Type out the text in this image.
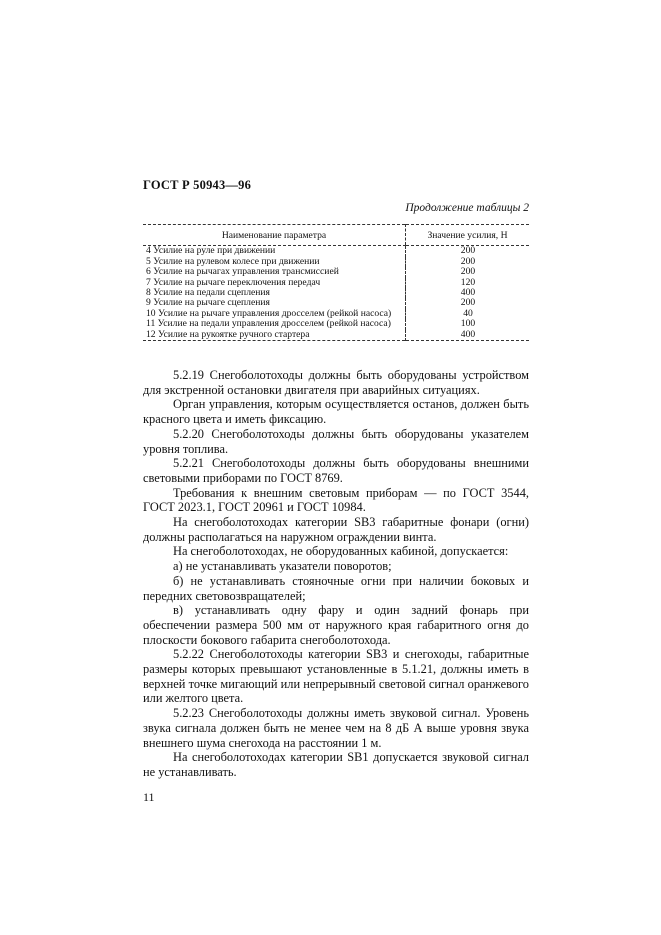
ГОСТ Р 50943—96
Продолжение таблицы 2
Наименование параметра	Значение усилия, Н
4 Усилие на руле при движении	200
5 Усилие на рулевом колесе при движении	200
6 Усилие на рычагах управления трансмиссией	200
7 Усилие на рычаге переключения передач	120
8 Усилие на педали сцепления	400
9 Усилие на рычаге сцепления	200
10 Усилие на рычаге управления дросселем (рейкой насоса)	40
11 Усилие на педали управления дросселем (рейкой насоса)	100
12 Усилие на рукоятке ручного стартера	400

5.2.19 Снегоболотоходы должны быть оборудованы устройством для экстренной остановки двигателя при аварийных ситуациях.

Орган управления, которым осуществляется останов, должен быть красного цвета и иметь фиксацию.

5.2.20 Снегоболотоходы должны быть оборудованы указателем уровня топлива.

5.2.21 Снегоболотоходы должны быть оборудованы внешними световыми приборами по ГОСТ 8769.

Требования к внешним световым приборам — по ГОСТ 3544, ГОСТ 2023.1, ГОСТ 20961 и ГОСТ 10984.

На снегоболотоходах категории SB3 габаритные фонари (огни) должны располагаться на наружном ограждении винта.

На снегоболотоходах, не оборудованных кабиной, допускается:

а) не устанавливать указатели поворотов;

б) не устанавливать стояночные огни при наличии боковых и передних световозвращателей;

в) устанавливать одну фару и один задний фонарь при обеспечении размера 500 мм от наружного края габаритного огня до плоскости бокового габарита снегоболотохода.

5.2.22 Снегоболотоходы категории SB3 и снегоходы, габаритные размеры которых превышают установленные в 5.1.21, должны иметь в верхней точке мигающий или непрерывный световой сигнал оранжевого или желтого цвета.

5.2.23 Снегоболотоходы должны иметь звуковой сигнал. Уровень звука сигнала должен быть не менее чем на 8 дБ А выше уровня звука внешнего шума снегохода на расстоянии 1 м.

На снегоболотоходах категории SB1 допускается звуковой сигнал не устанавливать.

11
